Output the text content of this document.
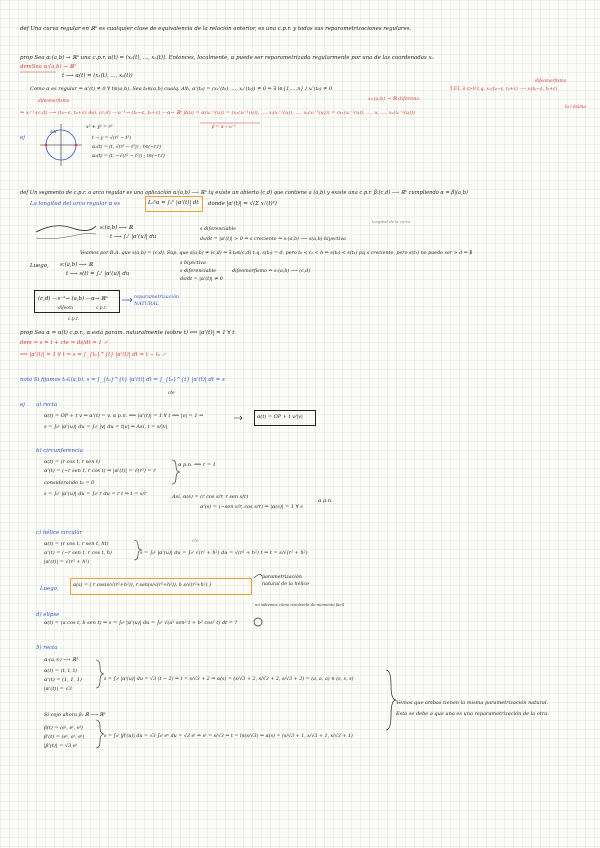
def Una curva regular en ℝⁿ es cualquier clase de equivalencia de la relación anterior, es una c.p.r. y todas sus reparametrizaciones regulares.
prop Sea α:(a,b) → ℝⁿ una c.p.r. α(t) = (x₁(t), ..., xₙ(t)). Entonces, localmente, α puede ser reparametrizada regularmente por una de las coordenadas xᵢ.
demSea α:(a,b) → ℝⁿ
t ⟶ α(t) = (x₁(t), ..., xₙ(t))
Como α es regular ⇒ α'(t) ≠ 0 ∀ t∈(a,b). Sea t₀∈(a,b) cualq. A∀ᵢ, α'(t₀) = (x₁'(t₀), ..., xₙ'(t₀)) ≠ 0 ⇒ ∃ i∈{1,...,n} / xᵢ'(t₀) ≠ 0	T.F.I. ∃ ε>0 t.q. xᵢ:(t₀−ε, t₀+ε) ⟶ xᵢ(t₀−ε, t₀+ε)
difeomorfismo
difeomorfismo	xᵢ:(a,b) → ℝ diferenc.
⇒ xᵢ⁻¹:(c,d) ⟶ (t₀−ε, t₀+ε) Así, (c,d) —xᵢ⁻¹→ (t₀−ε, t₀+ε) —α→ ℝⁿ β(u) = α(xᵢ⁻¹(u)) = (x₁(xᵢ⁻¹(u)), ..., xᵢ(xᵢ⁻¹(u)), ..., xₙ(xᵢ⁻¹(u))) = (x₁(xᵢ⁻¹(u)), ..., u, ..., xₙ(xᵢ⁻¹(u)))
β = α ∘ xᵢ⁻¹
la i-ésima
ej
x² + y² = r²
sin
t → y = √(r² − t²)
α₁(t) = (t, √(r² − t²)) ; t∈(−r,r)
α₂(t) = (t, −√(r² − t²)) ; t∈(−r,r)
def Un segmento de c.p.r. o arco regular es una aplicación α:(a,b) ⟶ ℝⁿ tq existe un abierto (c,d) que contiene a (a,b) y existe una c.p.r. β:(c,d) ⟶ ℝⁿ cumpliendo α = β|(a,b)
La longitud del arco regular α es	Lₐᵇα = ∫ₐᵇ |α'(t)| dt donde |α'(t)| = √(Σ xᵢ'(t)²)
s:(a,b) ⟶ ℝ
t ⟶ ∫ₐᵗ |α'(u)| du
s diferenciable
ds/dt = |α'(t)| > 0 ⇒ s creciente ⇒ s:(a,b) ⟶ s(a,b) biyectiva
longitud de la curva
Veamos por R.A. que s(a,b) = (c,d). Sup. que s(a,b) ≠ (c,d) ⇒ ∃ t₀∈(c,d) t.q. s(t₀) = d, pero t₀ < t₁ < b ⇒ s(t₀) < s(t₁) pq s creciente, pero s(t₁) no puede ser > d ⇒ ∄
Luego, s:(a,b) ⟶ ℝ
t ⟶ s(t) = ∫ₐᵗ |α'(u)| du
s biyectiva
s diferenciable
ds/dt = |α'(t)| ≠ 0
difeomorfismo ⇒ s:(a,b) ⟶ (c,d)
(c,d) —s⁻¹→ (a,b) —α→ ℝⁿ
difeom	c.p.r.
c.p.r.
reparametrización NATURAL
prop Sea α = α(t) c.p.r., α está param. naturalmente (sobre t) ⟺ |α'(t)| = 1 ∀ t
dem ⇒ s = t + cte ⇒ ds/dt = 1 ✓
⟸ |α'(t)| = 1 ∀ t ⇒ s = ∫_{t₀}^{t} |α'(t)| dt = t − t₀ ✓
nota Si fijamos t₀∈(a,b), s = ∫_{t₀}^{t} |α'(t)| dt = ∫_{t₀}^{t} |α'(t)| dt = s
cte
ej a) recta
α(t) = OP + t v ⇒ α'(t) = v. α p.n. ⟺ |α'(t)| = 1 ∀ t ⟺ |v| = 1 ⇒	α(t) = OP + t v/|v|
s = ∫₀ᵗ |α'(u)| du = ∫₀ᵗ |v| du = t|v| ⇒ Así, t = s/|v|
b) circunferencia
α(t) = (r cos t, r sen t)
α'(t) = (−r sen t, r cos t) ⇒ |α'(t)| = √(r²) = r
α p.n. ⟺ r = 1
considerando t₀ = 0
s = ∫₀ᵗ |α'(u)| du = ∫₀ᵗ r du = r t ⇒ t = s/r	Así, α(s) = (r cos s/r, r sen s/r)
α'(s) = (−sen s/r, cos s/r) ⇒ |α(s)| = 1 ∀ s
α p.n.
c) hélice circular
α(t) = (r cos t, r sen t, ht)
α'(t) = (−r sen t, r cos t, h)
|α'(t)| = √(r² + h²)
s = ∫₀ᵗ |α'(u)| du = ∫₀ᵗ √(r² + h²) du = √(r² + h²) t ⇒ t = s/√(r² + h²)
cte
Luego,
α(s) = ( r cos(s/√(r²+h²)), r sen(s/√(r²+h²)), h s/√(r²+h²) )
parametrización natural de la hélice
d) elipse
no sabemos cómo resolverla de momento facil
α(t) = (a cos t, b sen t) ⇒ s = ∫₀ᵗ |α'(u)| du = ∫₀ᵗ √(a² sen² t + b² cos² t) dt = ?
5) recta
α:(a,∞) ⟶ ℝ³
α(t) = (t, t, t)
α'(t) = (1, 1, 1)
|α'(t)| = √3
s = ∫₂ᵗ |α'(u)| du = √3 (t − 2) ⇒ t = s/√3 + 2 ⇒ α(s) = (s/√3 + 2, s/√3 + 2, s/√3 + 2) = (a, a, a) ∈ (s, s, s)
Si cojo ahora β: ℝ ⟶ ℝ³
β(t) = (eᵗ, eᵗ, eᵗ)
β'(t) = (eᵗ, eᵗ, eᵗ)
|β'(t)| = √3 eᵗ
s = ∫₀ᵗ |β'(u)| du = √3 ∫₀ᵗ eᵘ du = √3 eᵗ ⇒ eᵗ = s/√3 ⇒ t = ln(s/√3) ⇒ α(s) = (s/√3 + 1, s/√3 + 1, s/√3 + 1)
Vemos que ambas tienen la misma parametrización natural.
Esto se debe a que una es una reparametrización de la otra.
